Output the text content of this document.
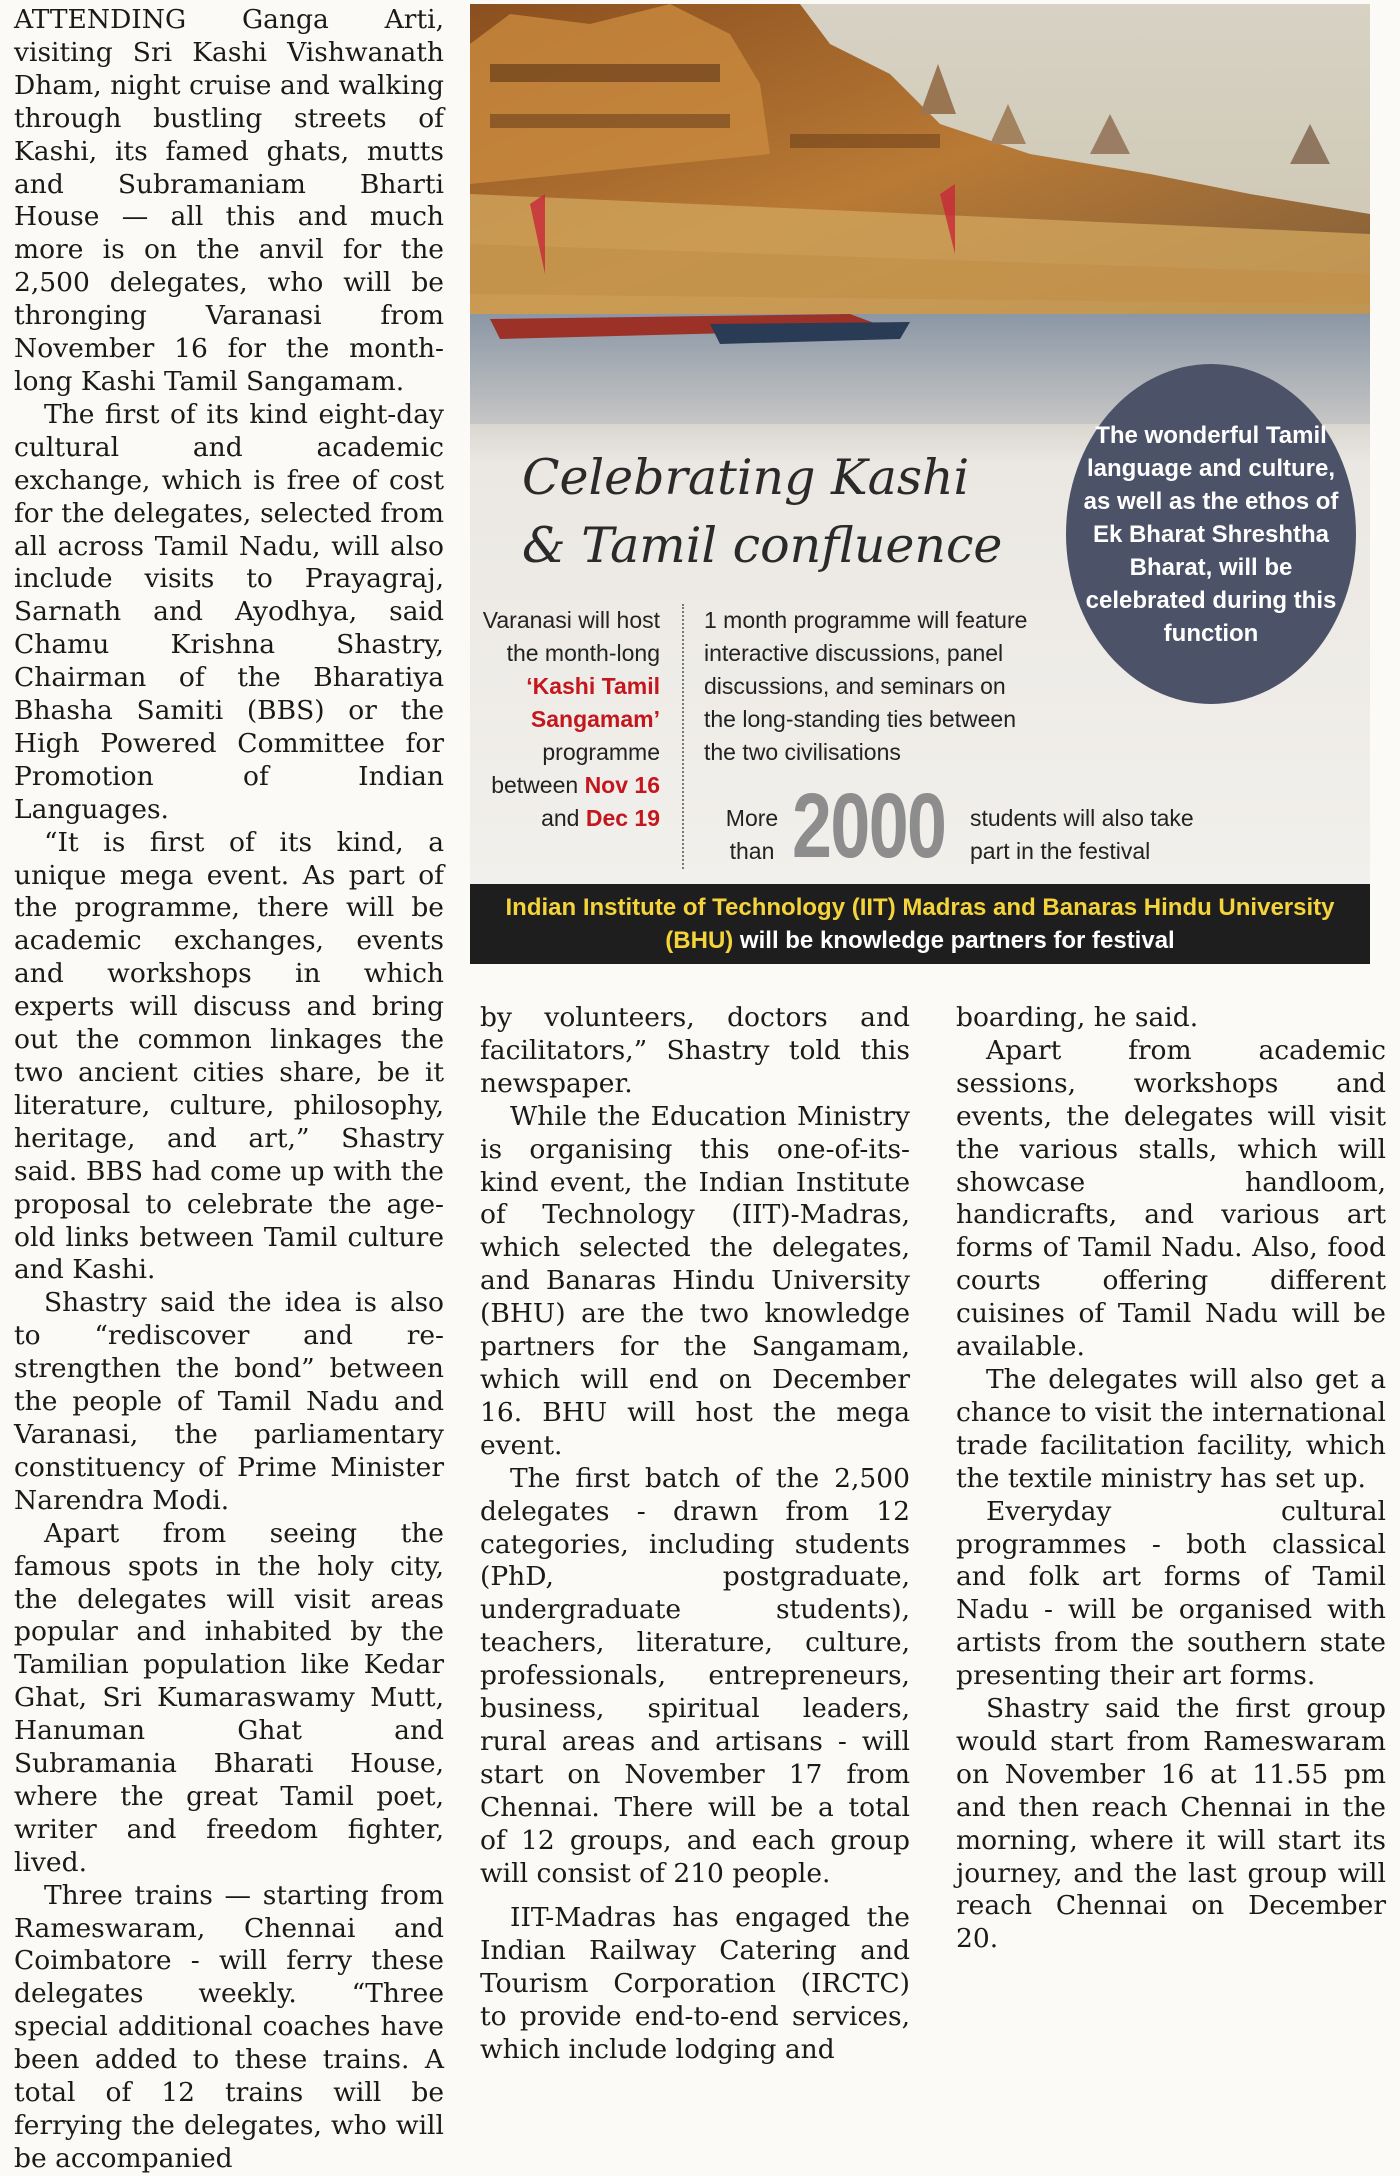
ATTENDING Ganga Arti, visiting Sri Kashi Vishwanath Dham, night cruise and walking through bustling streets of Kashi, its famed ghats, mutts and Subramaniam Bharti House — all this and much more is on the anvil for the 2,500 delegates, who will be thronging Varanasi from November 16 for the month-long Kashi Tamil Sangamam.

The first of its kind eight-day cultural and academic exchange, which is free of cost for the delegates, selected from all across Tamil Nadu, will also include visits to Prayagraj, Sarnath and Ayodhya, said Chamu Krishna Shastry, Chairman of the Bharatiya Bhasha Samiti (BBS) or the High Powered Committee for Promotion of Indian Languages.

“It is first of its kind, a unique mega event. As part of the programme, there will be academic exchanges, events and workshops in which experts will discuss and bring out the common linkages the two ancient cities share, be it literature, culture, philosophy, heritage, and art,” Shastry said. BBS had come up with the proposal to celebrate the age-old links between Tamil culture and Kashi.

Shastry said the idea is also to “rediscover and re-strengthen the bond” between the people of Tamil Nadu and Varanasi, the parliamentary constituency of Prime Minister Narendra Modi.

Apart from seeing the famous spots in the holy city, the delegates will visit areas popular and inhabited by the Tamilian population like Kedar Ghat, Sri Kumaraswamy Mutt, Hanuman Ghat and Subramania Bharati House, where the great Tamil poet, writer and freedom fighter, lived.

Three trains — starting from Rameswaram, Chennai and Coimbatore - will ferry these delegates weekly. “Three special additional coaches have been added to these trains. A total of 12 trains will be ferrying the delegates, who will be accompanied

Celebrating Kashi
& Tamil confluence
Varanasi will host the month-long ‘Kashi Tamil Sangamam’ programme between Nov 16 and Dec 19
1 month programme will feature interactive discussions, panel discussions, and seminars on the long-standing ties between the two civilisations
More than 2000 students will also take part in the festival
The wonderful Tamil language and culture, as well as the ethos of Ek Bharat Shreshtha Bharat, will be celebrated during this function
Indian Institute of Technology (IIT) Madras and Banaras Hindu University (BHU) will be knowledge partners for festival

by volunteers, doctors and facilitators,” Shastry told this newspaper.

While the Education Ministry is organising this one-of-its-kind event, the Indian Institute of Technology (IIT)-Madras, which selected the delegates, and Banaras Hindu University (BHU) are the two knowledge partners for the Sangamam, which will end on December 16. BHU will host the mega event.

The first batch of the 2,500 delegates - drawn from 12 categories, including students (PhD, postgraduate, undergraduate students), teachers, literature, culture, professionals, entrepreneurs, business, spiritual leaders, rural areas and artisans - will start on November 17 from Chennai. There will be a total of 12 groups, and each group will consist of 210 people.

IIT-Madras has engaged the Indian Railway Catering and Tourism Corporation (IRCTC) to provide end-to-end services, which include lodging and

boarding, he said.

Apart from academic sessions, workshops and events, the delegates will visit the various stalls, which will showcase handloom, handicrafts, and various art forms of Tamil Nadu. Also, food courts offering different cuisines of Tamil Nadu will be available.

The delegates will also get a chance to visit the international trade facilitation facility, which the textile ministry has set up.

Everyday cultural programmes - both classical and folk art forms of Tamil Nadu - will be organised with artists from the southern state presenting their art forms.

Shastry said the first group would start from Rameswaram on November 16 at 11.55 pm and then reach Chennai in the morning, where it will start its journey, and the last group will reach Chennai on December 20.
